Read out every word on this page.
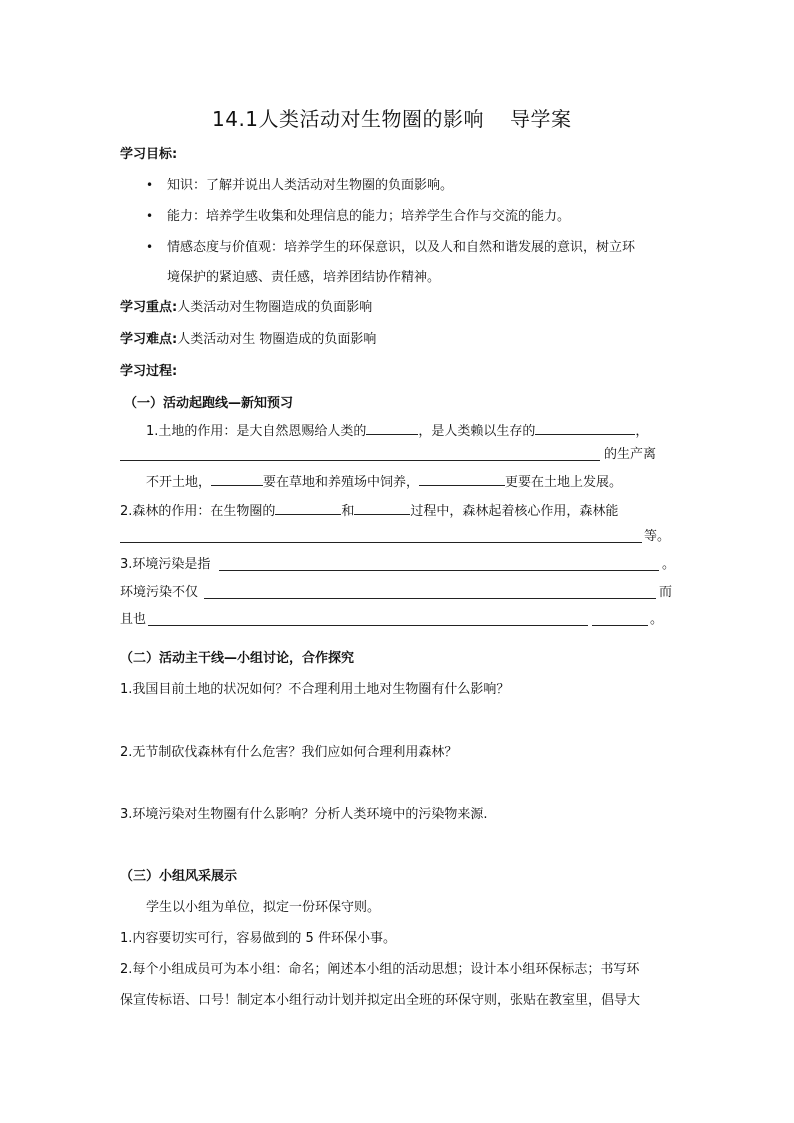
14.1人类活动对生物圈的影响 导学案
学习目标:
• 知识：了解并说出人类活动对生物圈的负面影响。
• 能力：培养学生收集和处理信息的能力；培养学生合作与交流的能力。
• 情感态度与价值观：培养学生的环保意识，以及人和自然和谐发展的意识，树立环
境保护的紧迫感、责任感，培养团结协作精神。
学习重点:人类活动对生物圈造成的负面影响
学习难点:人类活动对生 物圈造成的负面影响
学习过程:
（一）活动起跑线—新知预习
1.土地的作用：是大自然恩赐给人类的	，是人类赖以生存的	，
的生产离
不开土地，	要在草地和养殖场中饲养，	更要在土地上发展。
2.森林的作用：在生物圈的	和	过程中，森林起着核心作用，森林能
等。
3.环境污染是指	。
环境污染不仅	而
且也	。
（二）活动主干线—小组讨论，合作探究
1.我国目前土地的状况如何？不合理利用土地对生物圈有什么影响？
2.无节制砍伐森林有什么危害？我们应如何合理利用森林？
3.环境污染对生物圈有什么影响？分析人类环境中的污染物来源.
（三）小组风采展示
学生以小组为单位，拟定一份环保守则。
1.内容要切实可行，容易做到的 5 件环保小事。
2.每个小组成员可为本小组：命名；阐述本小组的活动思想；设计本小组环保标志；书写环
保宣传标语、口号！制定本小组行动计划并拟定出全班的环保守则，张贴在教室里，倡导大
